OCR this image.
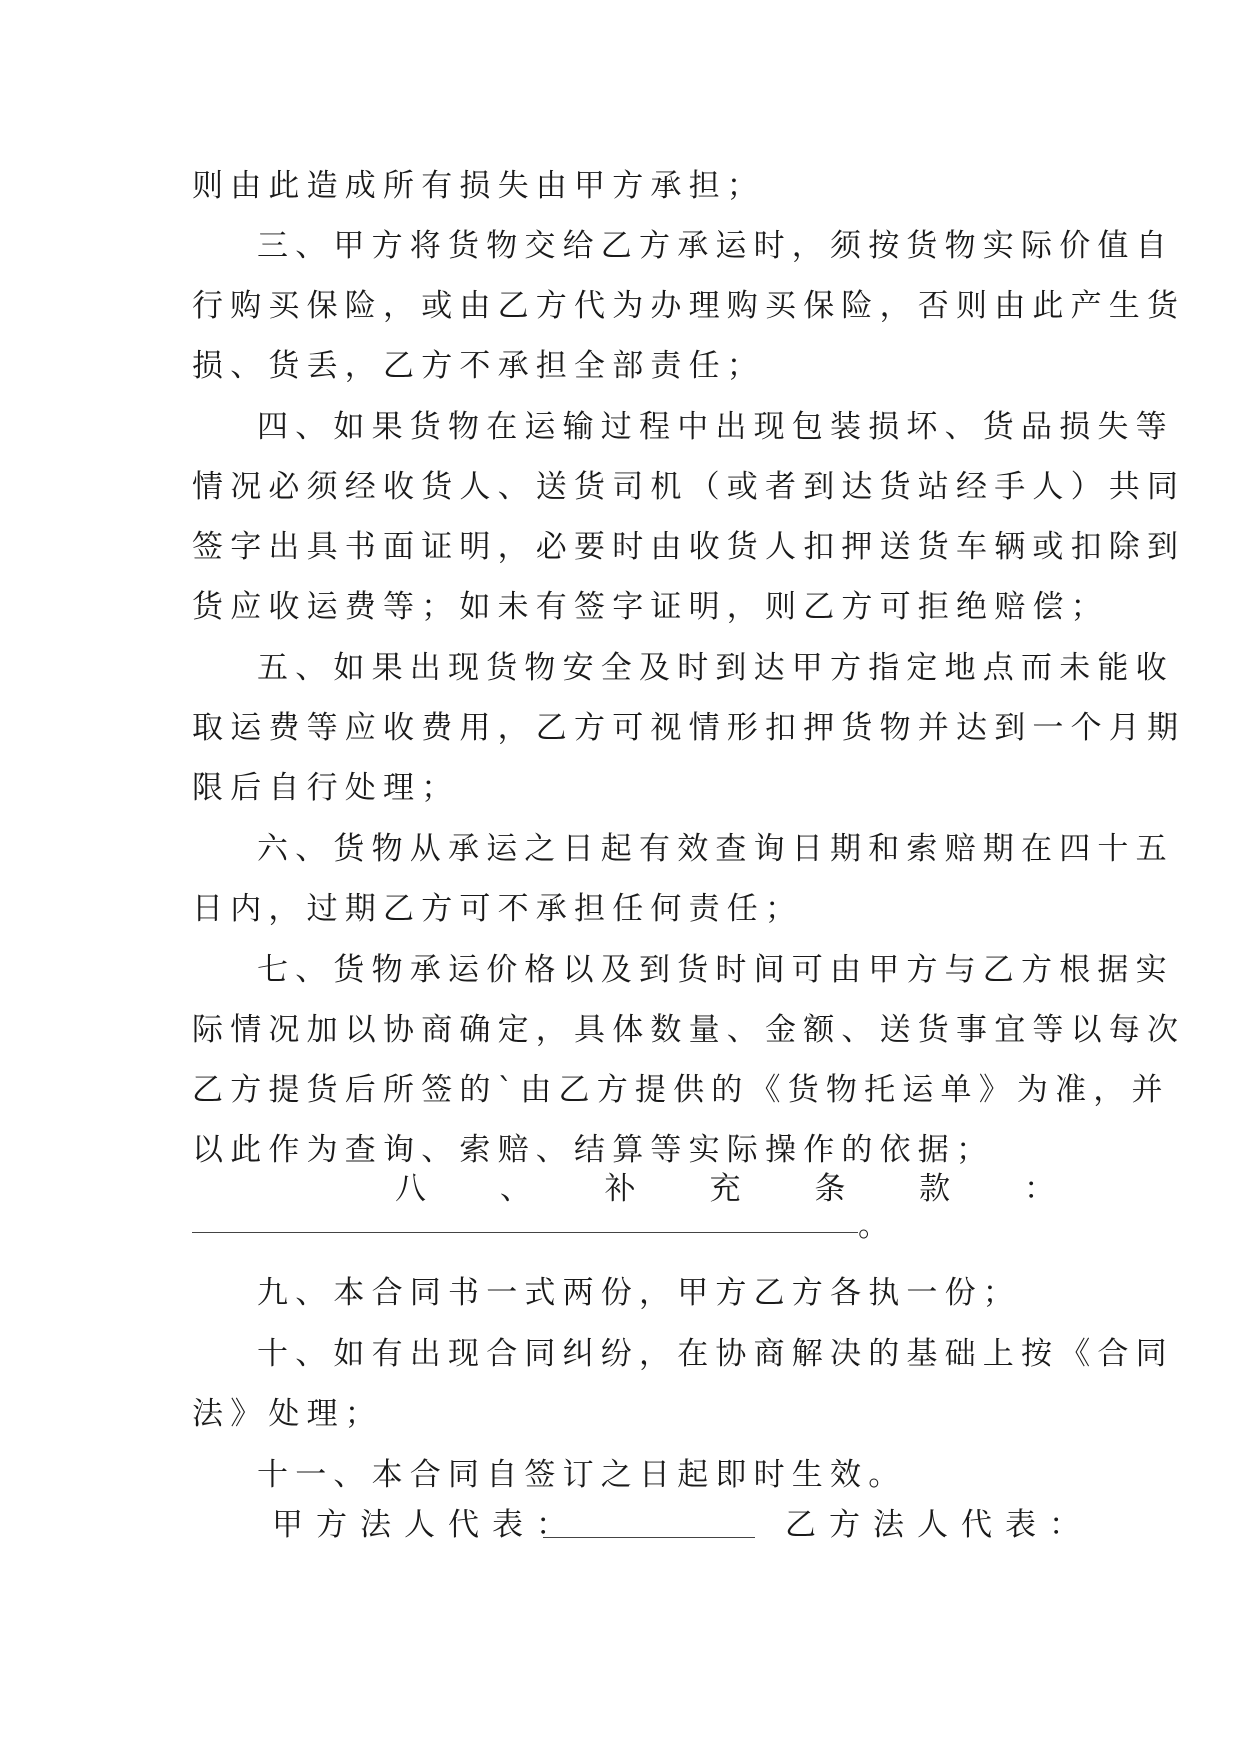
则由此造成所有损失由甲方承担；
三、甲方将货物交给乙方承运时，须按货物实际价值自
行购买保险，或由乙方代为办理购买保险，否则由此产生货
损、货丢，乙方不承担全部责任；
四、如果货物在运输过程中出现包装损坏、货品损失等
情况必须经收货人、送货司机（或者到达货站经手人）共同
签字出具书面证明，必要时由收货人扣押送货车辆或扣除到
货应收运费等；如未有签字证明，则乙方可拒绝赔偿；
五、如果出现货物安全及时到达甲方指定地点而未能收
取运费等应收费用，乙方可视情形扣押货物并达到一个月期
限后自行处理；
六、货物从承运之日起有效查询日期和索赔期在四十五
日内，过期乙方可不承担任何责任；
七、货物承运价格以及到货时间可由甲方与乙方根据实
际情况加以协商确定，具体数量、金额、送货事宜等以每次
乙方提货后所签的`由乙方提供的《货物托运单》为准，并
以此作为查询、索赔、结算等实际操作的依据；
八 、 补 充 条 款 ：
。
九、本合同书一式两份，甲方乙方各执一份；
十、如有出现合同纠纷，在协商解决的基础上按《合同
法》处理；
十一、本合同自签订之日起即时生效。
甲方法人代表：	乙方法人代表：
